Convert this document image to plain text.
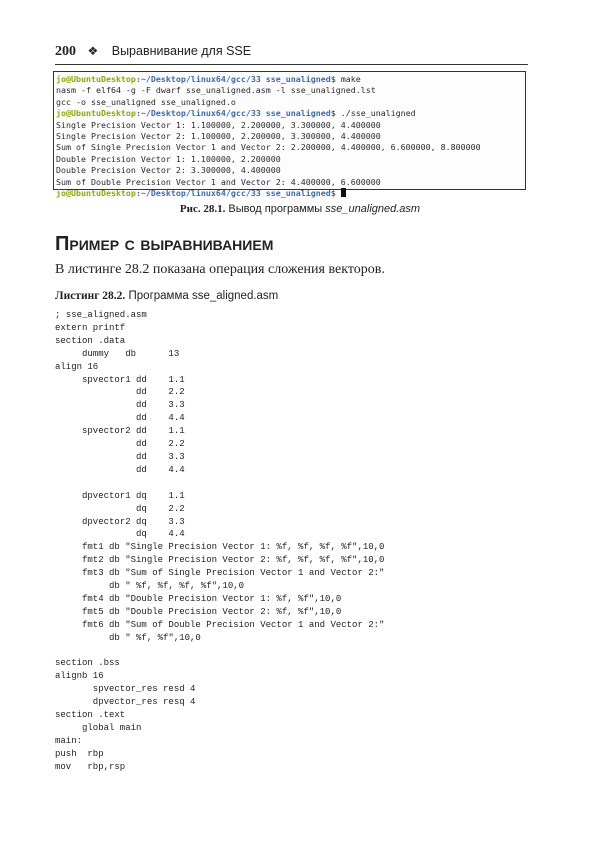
200 ❖ Выравнивание для SSE
jo@UbuntuDesktop:~/Desktop/linux64/gcc/33 sse_unaligned$ make
nasm -f elf64 -g -F dwarf sse_unaligned.asm -l sse_unaligned.lst
gcc -o sse_unaligned sse_unaligned.o
jo@UbuntuDesktop:~/Desktop/linux64/gcc/33 sse_unaligned$ ./sse_unaligned
Single Precision Vector 1: 1.100000, 2.200000, 3.300000, 4.400000
Single Precision Vector 2: 1.100000, 2.200000, 3.300000, 4.400000
Sum of Single Precision Vector 1 and Vector 2: 2.200000, 4.400000, 6.600000, 8.800000
Double Precision Vector 1: 1.100000, 2.200000
Double Precision Vector 2: 3.300000, 4.400000
Sum of Double Precision Vector 1 and Vector 2: 4.400000, 6.600000
jo@UbuntuDesktop:~/Desktop/linux64/gcc/33 sse_unaligned$
Рис. 28.1. Вывод программы sse_unaligned.asm
Пример с выравниванием
В листинге 28.2 показана операция сложения векторов.
Листинг 28.2. Программа sse_aligned.asm
; sse_aligned.asm
extern printf
section .data
dummy   db      13
align 16
spvector1 dd    1.1
dd    2.2
dd    3.3
dd    4.4
spvector2 dd    1.1
dd    2.2
dd    3.3
dd    4.4

dpvector1 dq    1.1
dq    2.2
dpvector2 dq    3.3
dq    4.4
fmt1 db "Single Precision Vector 1: %f, %f, %f, %f",10,0
fmt2 db "Single Precision Vector 2: %f, %f, %f, %f",10,0
fmt3 db "Sum of Single Precision Vector 1 and Vector 2:"
db " %f, %f, %f, %f",10,0
fmt4 db "Double Precision Vector 1: %f, %f",10,0
fmt5 db "Double Precision Vector 2: %f, %f",10,0
fmt6 db "Sum of Double Precision Vector 1 and Vector 2:"
db " %f, %f",10,0

section .bss
alignb 16
spvector_res resd 4
dpvector_res resq 4
section .text
global main
main:
push  rbp
mov   rbp,rsp
